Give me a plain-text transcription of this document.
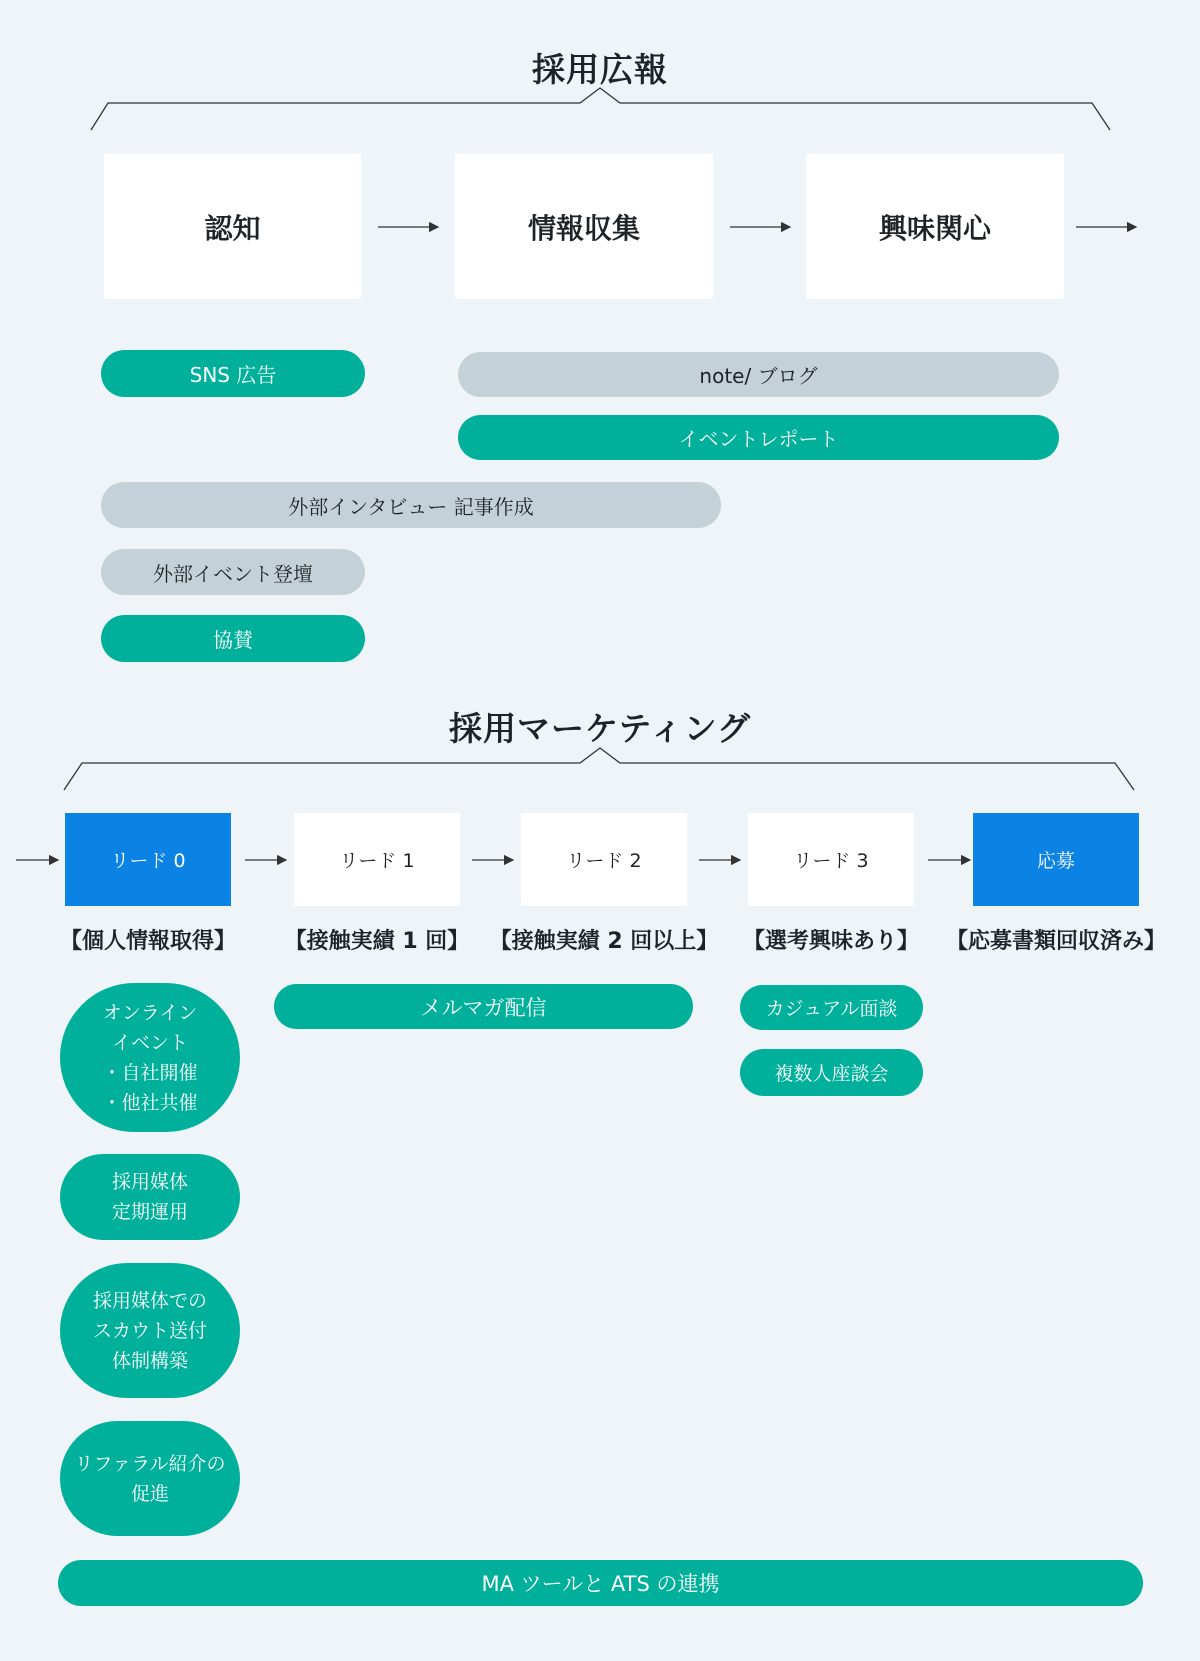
採用広報
認知	情報収集	興味関心
SNS 広告	note/ ブログ
イベントレポート
外部インタビュー 記事作成
外部イベント登壇
協賛
採用マーケティング
リード 0	リード 1	リード 2	リード 3	応募
【個人情報取得】	【接触実績 1 回】 【接触実績 2 回以上】	【選考興味あり】	【応募書類回収済み】
オンライン
イベント
・自社開催
・他社共催
採用媒体
定期運用
採用媒体での
スカウト送付
体制構築
リファラル紹介の
促進
メルマガ配信	カジュアル面談
複数人座談会
MA ツールと ATS の連携
